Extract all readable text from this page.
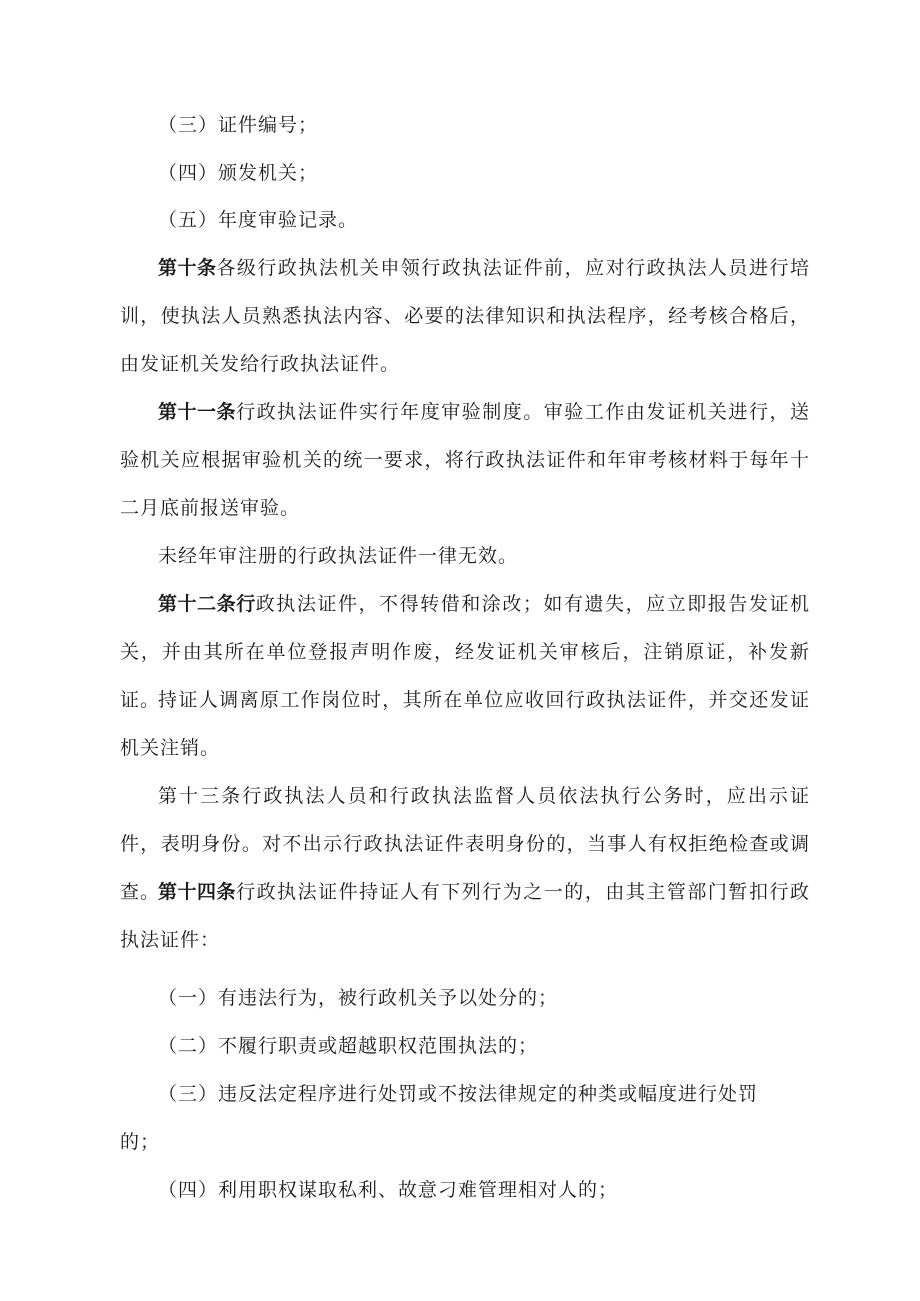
（三）证件编号；

（四）颁发机关；

（五）年度审验记录。

第十条各级行政执法机关申领行政执法证件前，应对行政执法人员进行培训，使执法人员熟悉执法内容、必要的法律知识和执法程序，经考核合格后，由发证机关发给行政执法证件。

第十一条行政执法证件实行年度审验制度。审验工作由发证机关进行，送验机关应根据审验机关的统一要求，将行政执法证件和年审考核材料于每年十二月底前报送审验。

未经年审注册的行政执法证件一律无效。

第十二条行政执法证件，不得转借和涂改；如有遗失，应立即报告发证机关，并由其所在单位登报声明作废，经发证机关审核后，注销原证，补发新证。

持证人调离原工作岗位时，其所在单位应收回行政执法证件，并交还发证机关注销。

第十三条行政执法人员和行政执法监督人员依法执行公务时，应出示证件，表明身份。对不出示行政执法证件表明身份的，当事人有权拒绝检查或调查。

第十四条行政执法证件持证人有下列行为之一的，由其主管部门暂扣行政执法证件：

（一）有违法行为，被行政机关予以处分的；

（二）不履行职责或超越职权范围执法的；

（三）违反法定程序进行处罚或不按法律规定的种类或幅度进行处罚

的；

（四）利用职权谋取私利、故意刁难管理相对人的；
